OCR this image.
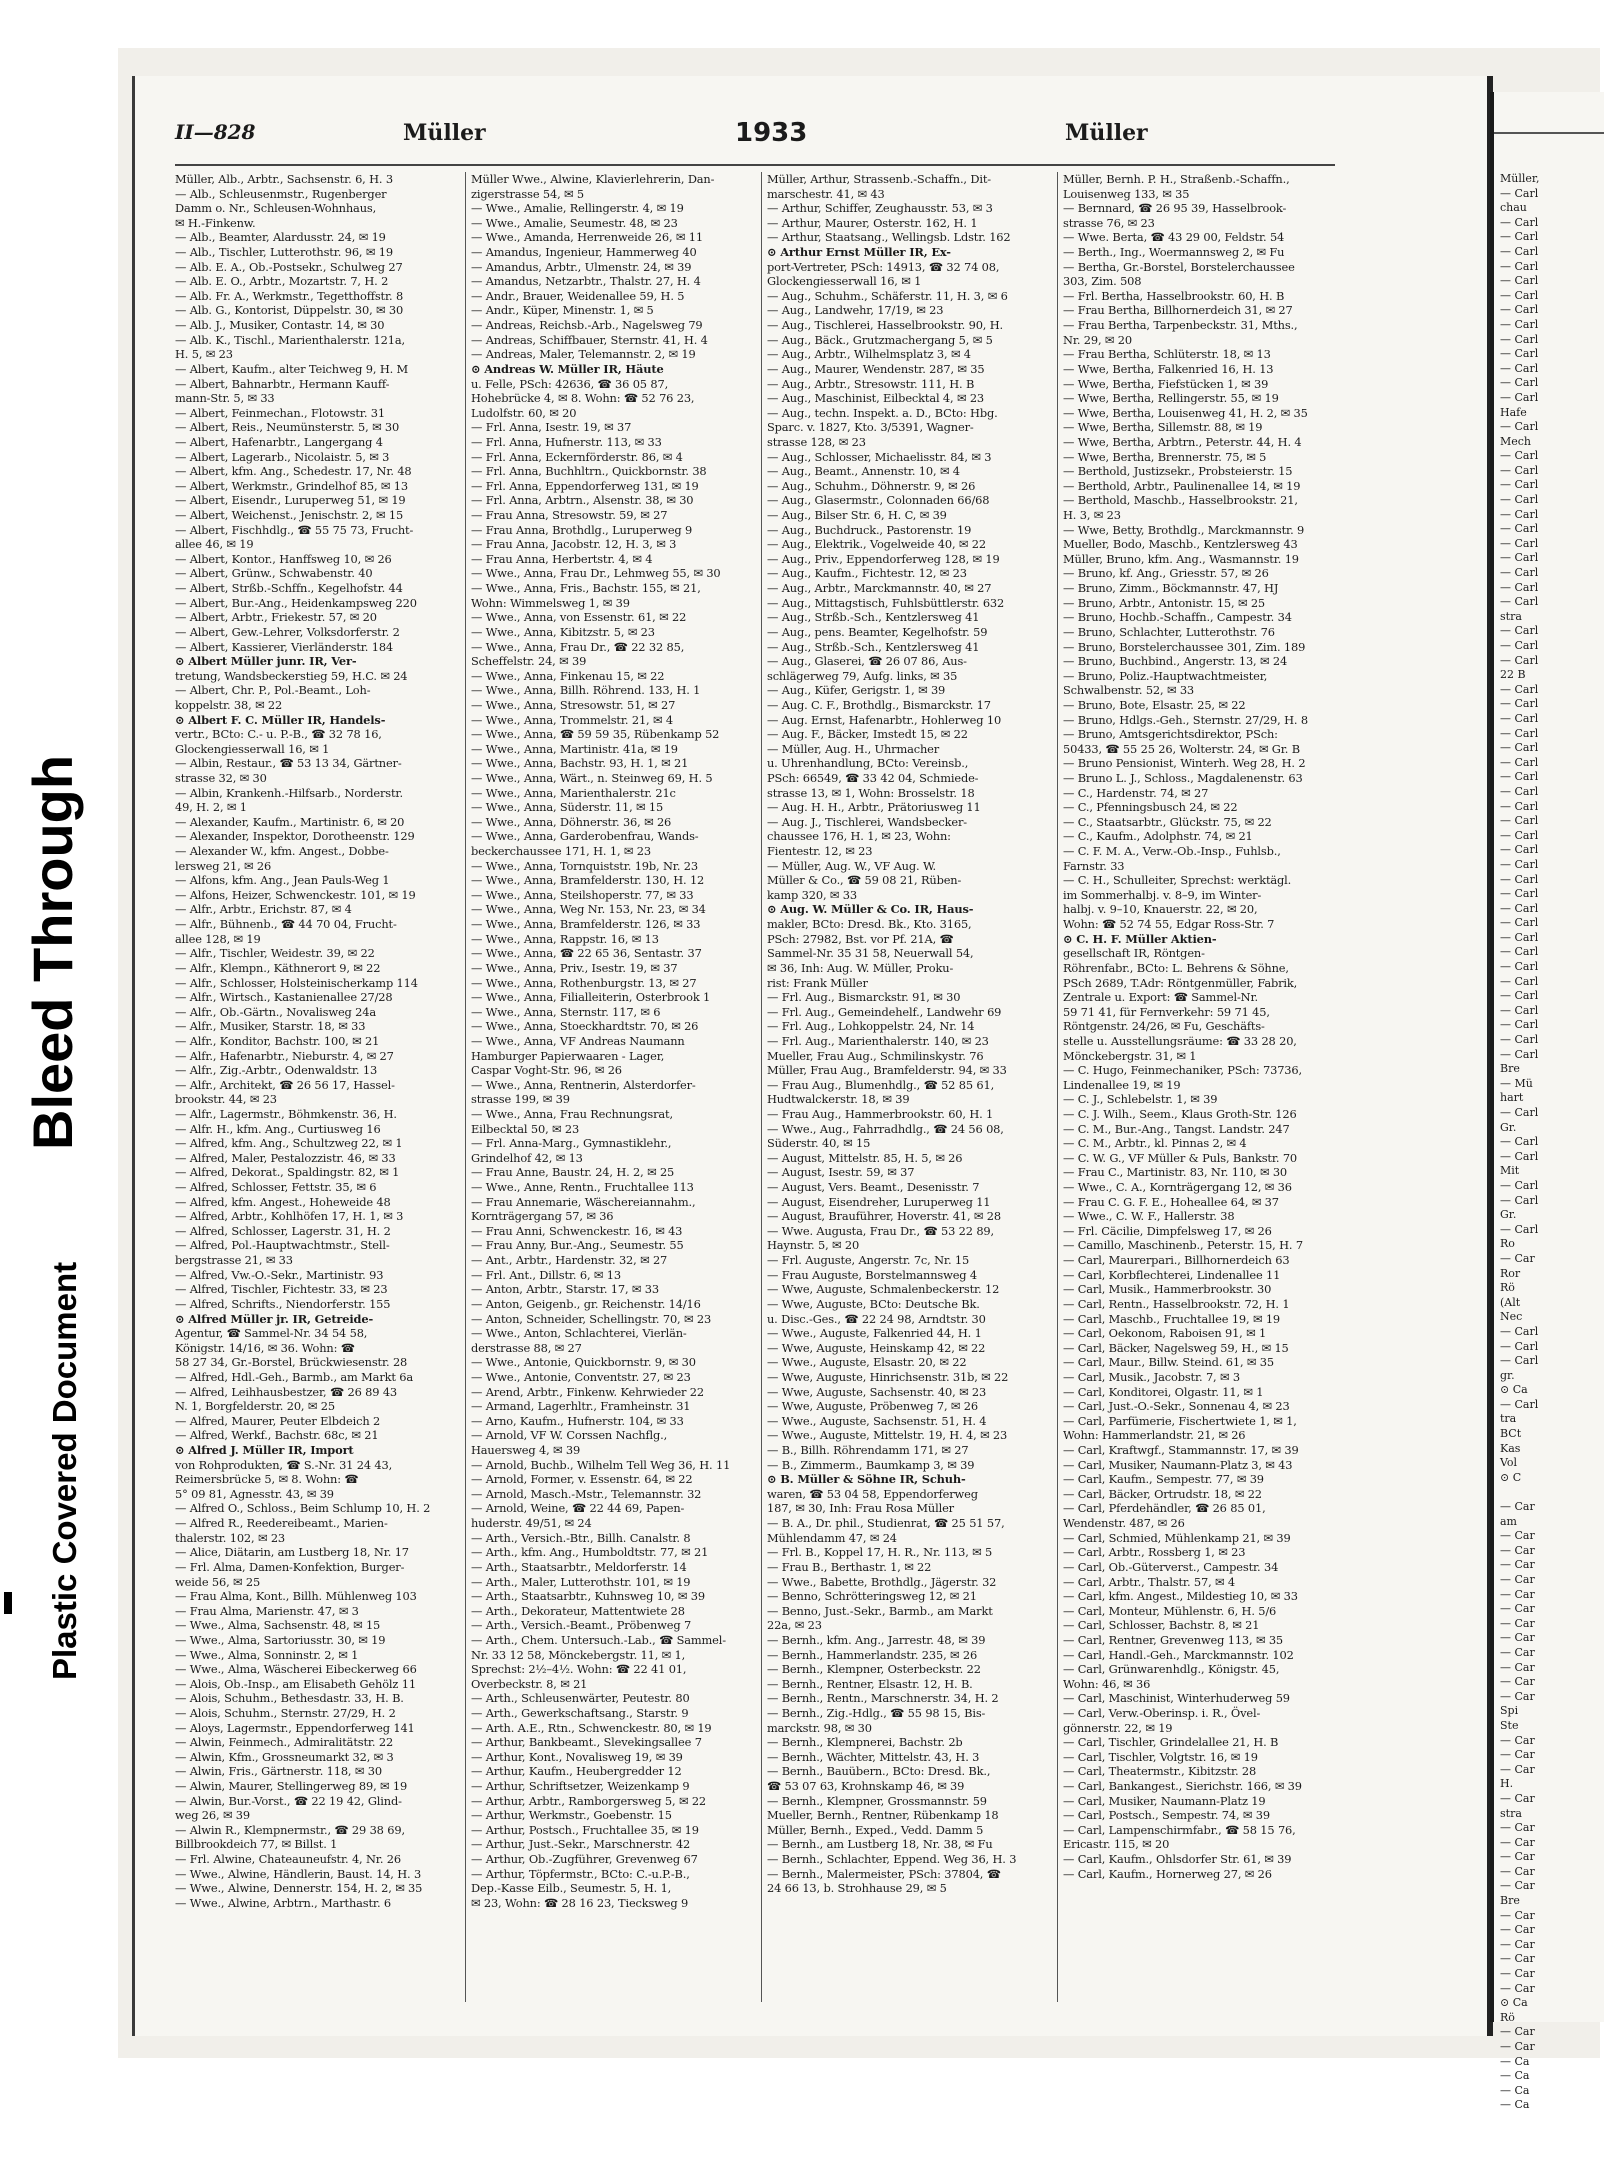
Bleed Through
Plastic Covered Document
II—828	Müller	1933	Müller
Müller, Alb., Arbtr., Sachsenstr. 6, H. 3
— Alb., Schleusenmstr., Rugenberger
Damm o. Nr., Schleusen-Wohnhaus,
✉ H.-Finkenw.
— Alb., Beamter, Alardusstr. 24, ✉ 19
— Alb., Tischler, Lutterothstr. 96, ✉ 19
— Alb. E. A., Ob.-Postsekr., Schulweg 27
— Alb. E. O., Arbtr., Mozartstr. 7, H. 2
— Alb. Fr. A., Werkmstr., Tegetthoffstr. 8
— Alb. G., Kontorist, Düppelstr. 30, ✉ 30
— Alb. J., Musiker, Contastr. 14, ✉ 30
— Alb. K., Tischl., Marienthalerstr. 121a,
H. 5, ✉ 23
— Albert, Kaufm., alter Teichweg 9, H. M
— Albert, Bahnarbtr., Hermann Kauff-
mann-Str. 5, ✉ 33
— Albert, Feinmechan., Flotowstr. 31
— Albert, Reis., Neumünsterstr. 5, ✉ 30
— Albert, Hafenarbtr., Langergang 4
— Albert, Lagerarb., Nicolaistr. 5, ✉ 3
— Albert, kfm. Ang., Schedestr. 17, Nr. 48
— Albert, Werkmstr., Grindelhof 85, ✉ 13
— Albert, Eisendr., Luruperweg 51, ✉ 19
— Albert, Weichenst., Jenischstr. 2, ✉ 15
— Albert, Fischhdlg., ☎ 55 75 73, Frucht-
allee 46, ✉ 19
— Albert, Kontor., Hanffsweg 10, ✉ 26
— Albert, Grünw., Schwabenstr. 40
— Albert, Strßb.-Schffn., Kegelhofstr. 44
— Albert, Bur.-Ang., Heidenkampsweg 220
— Albert, Arbtr., Friekestr. 57, ✉ 20
— Albert, Gew.-Lehrer, Volksdorferstr. 2
— Albert, Kassierer, Vierländerstr. 184
⊙ Albert Müller junr. IR, Ver-
tretung, Wandsbeckerstieg 59, H.C. ✉ 24
— Albert, Chr. P., Pol.-Beamt., Loh-
koppelstr. 38, ✉ 22
⊙ Albert F. C. Müller IR, Handels-
vertr., BCto: C.- u. P.-B., ☎ 32 78 16,
Glockengiesserwall 16, ✉ 1
— Albin, Restaur., ☎ 53 13 34, Gärtner-
strasse 32, ✉ 30
— Albin, Krankenh.-Hilfsarb., Norderstr.
49, H. 2, ✉ 1
— Alexander, Kaufm., Martinistr. 6, ✉ 20
— Alexander, Inspektor, Dorotheenstr. 129
— Alexander W., kfm. Angest., Dobbe-
lersweg 21, ✉ 26
— Alfons, kfm. Ang., Jean Pauls-Weg 1
— Alfons, Heizer, Schwenckestr. 101, ✉ 19
— Alfr., Arbtr., Erichstr. 87, ✉ 4
— Alfr., Bühnenb., ☎ 44 70 04, Frucht-
allee 128, ✉ 19
— Alfr., Tischler, Weidestr. 39, ✉ 22
— Alfr., Klempn., Käthnerort 9, ✉ 22
— Alfr., Schlosser, Holsteinischerkamp 114
— Alfr., Wirtsch., Kastanienallee 27/28
— Alfr., Ob.-Gärtn., Novalisweg 24a
— Alfr., Musiker, Starstr. 18, ✉ 33
— Alfr., Konditor, Bachstr. 100, ✉ 21
— Alfr., Hafenarbtr., Nieburstr. 4, ✉ 27
— Alfr., Zig.-Arbtr., Odenwaldstr. 13
— Alfr., Architekt, ☎ 26 56 17, Hassel-
brookstr. 44, ✉ 23
— Alfr., Lagermstr., Böhmkenstr. 36, H.
— Alfr. H., kfm. Ang., Curtiusweg 16
— Alfred, kfm. Ang., Schultzweg 22, ✉ 1
— Alfred, Maler, Pestalozzistr. 46, ✉ 33
— Alfred, Dekorat., Spaldingstr. 82, ✉ 1
— Alfred, Schlosser, Fettstr. 35, ✉ 6
— Alfred, kfm. Angest., Hoheweide 48
— Alfred, Arbtr., Kohlhöfen 17, H. 1, ✉ 3
— Alfred, Schlosser, Lagerstr. 31, H. 2
— Alfred, Pol.-Hauptwachtmstr., Stell-
bergstrasse 21, ✉ 33
— Alfred, Vw.-O.-Sekr., Martinistr. 93
— Alfred, Tischler, Fichtestr. 33, ✉ 23
— Alfred, Schrifts., Niendorferstr. 155
⊙ Alfred Müller jr. IR, Getreide-
Agentur, ☎ Sammel-Nr. 34 54 58,
Königstr. 14/16, ✉ 36. Wohn: ☎
58 27 34, Gr.-Borstel, Brückwiesenstr. 28
— Alfred, Hdl.-Geh., Barmb., am Markt 6a
— Alfred, Leihhausbestzer, ☎ 26 89 43
N. 1, Borgfelderstr. 20, ✉ 25
— Alfred, Maurer, Peuter Elbdeich 2
— Alfred, Werkf., Bachstr. 68c, ✉ 21
⊙ Alfred J. Müller IR, Import
von Rohprodukten, ☎ S.-Nr. 31 24 43,
Reimersbrücke 5, ✉ 8. Wohn: ☎
5° 09 81, Agnesstr. 43, ✉ 39
— Alfred O., Schloss., Beim Schlump 10, H. 2
— Alfred R., Reedereibeamt., Marien-
thalerstr. 102, ✉ 23
— Alice, Diätarin, am Lustberg 18, Nr. 17
— Frl. Alma, Damen-Konfektion, Burger-
weide 56, ✉ 25
— Frau Alma, Kont., Billh. Mühlenweg 103
— Frau Alma, Marienstr. 47, ✉ 3
— Wwe., Alma, Sachsenstr. 48, ✉ 15
— Wwe., Alma, Sartoriusstr. 30, ✉ 19
— Wwe., Alma, Sonninstr. 2, ✉ 1
— Wwe., Alma, Wäscherei Eibeckerweg 66
— Alois, Ob.-Insp., am Elisabeth Gehölz 11
— Alois, Schuhm., Bethesdastr. 33, H. B.
— Alois, Schuhm., Sternstr. 27/29, H. 2
— Aloys, Lagermstr., Eppendorferweg 141
— Alwin, Feinmech., Admiralitätstr. 22
— Alwin, Kfm., Grossneumarkt 32, ✉ 3
— Alwin, Fris., Gärtnerstr. 118, ✉ 30
— Alwin, Maurer, Stellingerweg 89, ✉ 19
— Alwin, Bur.-Vorst., ☎ 22 19 42, Glind-
weg 26, ✉ 39
— Alwin R., Klempnermstr., ☎ 29 38 69,
Billbrookdeich 77, ✉ Billst. 1
— Frl. Alwine, Chateauneufstr. 4, Nr. 26
— Wwe., Alwine, Händlerin, Baust. 14, H. 3
— Wwe., Alwine, Dennerstr. 154, H. 2, ✉ 35
— Wwe., Alwine, Arbtrn., Marthastr. 6
Müller Wwe., Alwine, Klavierlehrerin, Dan-
zigerstrasse 54, ✉ 5
— Wwe., Amalie, Rellingerstr. 4, ✉ 19
— Wwe., Amalie, Seumestr. 48, ✉ 23
— Wwe., Amanda, Herrenweide 26, ✉ 11
— Amandus, Ingenieur, Hammerweg 40
— Amandus, Arbtr., Ulmenstr. 24, ✉ 39
— Amandus, Netzarbtr., Thalstr. 27, H. 4
— Andr., Brauer, Weidenallee 59, H. 5
— Andr., Küper, Minenstr. 1, ✉ 5
— Andreas, Reichsb.-Arb., Nagelsweg 79
— Andreas, Schiffbauer, Sternstr. 41, H. 4
— Andreas, Maler, Telemannstr. 2, ✉ 19
⊙ Andreas W. Müller IR, Häute
u. Felle, PSch: 42636, ☎ 36 05 87,
Hohebrücke 4, ✉ 8. Wohn: ☎ 52 76 23,
Ludolfstr. 60, ✉ 20
— Frl. Anna, Isestr. 19, ✉ 37
— Frl. Anna, Hufnerstr. 113, ✉ 33
— Frl. Anna, Eckernförderstr. 86, ✉ 4
— Frl. Anna, Buchhltrn., Quickbornstr. 38
— Frl. Anna, Eppendorferweg 131, ✉ 19
— Frl. Anna, Arbtrn., Alsenstr. 38, ✉ 30
— Frau Anna, Stresowstr. 59, ✉ 27
— Frau Anna, Brothdlg., Luruperweg 9
— Frau Anna, Jacobstr. 12, H. 3, ✉ 3
— Frau Anna, Herbertstr. 4, ✉ 4
— Wwe., Anna, Frau Dr., Lehmweg 55, ✉ 30
— Wwe., Anna, Fris., Bachstr. 155, ✉ 21,
Wohn: Wimmelsweg 1, ✉ 39
— Wwe., Anna, von Essenstr. 61, ✉ 22
— Wwe., Anna, Kibitzstr. 5, ✉ 23
— Wwe., Anna, Frau Dr., ☎ 22 32 85,
Scheffelstr. 24, ✉ 39
— Wwe., Anna, Finkenau 15, ✉ 22
— Wwe., Anna, Billh. Röhrend. 133, H. 1
— Wwe., Anna, Stresowstr. 51, ✉ 27
— Wwe., Anna, Trommelstr. 21, ✉ 4
— Wwe., Anna, ☎ 59 59 35, Rübenkamp 52
— Wwe., Anna, Martinistr. 41a, ✉ 19
— Wwe., Anna, Bachstr. 93, H. 1, ✉ 21
— Wwe., Anna, Wärt., n. Steinweg 69, H. 5
— Wwe., Anna, Marienthalerstr. 21c
— Wwe., Anna, Süderstr. 11, ✉ 15
— Wwe., Anna, Döhnerstr. 36, ✉ 26
— Wwe., Anna, Garderobenfrau, Wands-
beckerchaussee 171, H. 1, ✉ 23
— Wwe., Anna, Tornquiststr. 19b, Nr. 23
— Wwe., Anna, Bramfelderstr. 130, H. 12
— Wwe., Anna, Steilshoperstr. 77, ✉ 33
— Wwe., Anna, Weg Nr. 153, Nr. 23, ✉ 34
— Wwe., Anna, Bramfelderstr. 126, ✉ 33
— Wwe., Anna, Rappstr. 16, ✉ 13
— Wwe., Anna, ☎ 22 65 36, Sentastr. 37
— Wwe., Anna, Priv., Isestr. 19, ✉ 37
— Wwe., Anna, Rothenburgstr. 13, ✉ 27
— Wwe., Anna, Filialleiterin, Osterbrook 1
— Wwe., Anna, Sternstr. 117, ✉ 6
— Wwe., Anna, Stoeckhardtstr. 70, ✉ 26
— Wwe., Anna, VF Andreas Naumann
Hamburger Papierwaaren - Lager,
Caspar Voght-Str. 96, ✉ 26
— Wwe., Anna, Rentnerin, Alsterdorfer-
strasse 199, ✉ 39
— Wwe., Anna, Frau Rechnungsrat,
Eilbecktal 50, ✉ 23
— Frl. Anna-Marg., Gymnastiklehr.,
Grindelhof 42, ✉ 13
— Frau Anne, Baustr. 24, H. 2, ✉ 25
— Wwe., Anne, Rentn., Fruchtallee 113
— Frau Annemarie, Wäschereiannahm.,
Kornträgergang 57, ✉ 36
— Frau Anni, Schwenckestr. 16, ✉ 43
— Frau Anny, Bur.-Ang., Seumestr. 55
— Ant., Arbtr., Hardenstr. 32, ✉ 27
— Frl. Ant., Dillstr. 6, ✉ 13
— Anton, Arbtr., Starstr. 17, ✉ 33
— Anton, Geigenb., gr. Reichenstr. 14/16
— Anton, Schneider, Schellingstr. 70, ✉ 23
— Wwe., Anton, Schlachterei, Vierlän-
derstrasse 88, ✉ 27
— Wwe., Antonie, Quickbornstr. 9, ✉ 30
— Wwe., Antonie, Conventstr. 27, ✉ 23
— Arend, Arbtr., Finkenw. Kehrwieder 22
— Armand, Lagerhltr., Framheinstr. 31
— Arno, Kaufm., Hufnerstr. 104, ✉ 33
— Arnold, VF W. Corssen Nachflg.,
Hauersweg 4, ✉ 39
— Arnold, Buchb., Wilhelm Tell Weg 36, H. 11
— Arnold, Former, v. Essenstr. 64, ✉ 22
— Arnold, Masch.-Mstr., Telemannstr. 32
— Arnold, Weine, ☎ 22 44 69, Papen-
huderstr. 49/51, ✉ 24
— Arth., Versich.-Btr., Billh. Canalstr. 8
— Arth., kfm. Ang., Humboldtstr. 77, ✉ 21
— Arth., Staatsarbtr., Meldorferstr. 14
— Arth., Maler, Lutterothstr. 101, ✉ 19
— Arth., Staatsarbtr., Kuhnsweg 10, ✉ 39
— Arth., Dekorateur, Mattentwiete 28
— Arth., Versich.-Beamt., Pröbenweg 7
— Arth., Chem. Untersuch.-Lab., ☎ Sammel-
Nr. 33 12 58, Mönckebergstr. 11, ✉ 1,
Sprechst: 2½–4½. Wohn: ☎ 22 41 01,
Overbeckstr. 8, ✉ 21
— Arth., Schleusenwärter, Peutestr. 80
— Arth., Gewerkschaftsang., Starstr. 9
— Arth. A.E., Rtn., Schwenckestr. 80, ✉ 19
— Arthur, Bankbeamt., Slevekingsallee 7
— Arthur, Kont., Novalisweg 19, ✉ 39
— Arthur, Kaufm., Heubergredder 12
— Arthur, Schriftsetzer, Weizenkamp 9
— Arthur, Arbtr., Ramborgersweg 5, ✉ 22
— Arthur, Werkmstr., Goebenstr. 15
— Arthur, Postsch., Fruchtallee 35, ✉ 19
— Arthur, Just.-Sekr., Marschnerstr. 42
— Arthur, Ob.-Zugführer, Grevenweg 67
— Arthur, Töpfermstr., BCto: C.-u.P.-B.,
Dep.-Kasse Eilb., Seumestr. 5, H. 1,
✉ 23, Wohn: ☎ 28 16 23, Tiecksweg 9
Müller, Arthur, Strassenb.-Schaffn., Dit-
marschestr. 41, ✉ 43
— Arthur, Schiffer, Zeughausstr. 53, ✉ 3
— Arthur, Maurer, Osterstr. 162, H. 1
— Arthur, Staatsang., Wellingsb. Ldstr. 162
⊙ Arthur Ernst Müller IR, Ex-
port-Vertreter, PSch: 14913, ☎ 32 74 08,
Glockengiesserwall 16, ✉ 1
— Aug., Schuhm., Schäferstr. 11, H. 3, ✉ 6
— Aug., Landwehr, 17/19, ✉ 23
— Aug., Tischlerei, Hasselbrookstr. 90, H.
— Aug., Bäck., Grutzmachergang 5, ✉ 5
— Aug., Arbtr., Wilhelmsplatz 3, ✉ 4
— Aug., Maurer, Wendenstr. 287, ✉ 35
— Aug., Arbtr., Stresowstr. 111, H. B
— Aug., Maschinist, Eilbecktal 4, ✉ 23
— Aug., techn. Inspekt. a. D., BCto: Hbg.
Sparc. v. 1827, Kto. 3/5391, Wagner-
strasse 128, ✉ 23
— Aug., Schlosser, Michaelisstr. 84, ✉ 3
— Aug., Beamt., Annenstr. 10, ✉ 4
— Aug., Schuhm., Döhnerstr. 9, ✉ 26
— Aug., Glasermstr., Colonnaden 66/68
— Aug., Bilser Str. 6, H. C, ✉ 39
— Aug., Buchdruck., Pastorenstr. 19
— Aug., Elektrik., Vogelweide 40, ✉ 22
— Aug., Priv., Eppendorferweg 128, ✉ 19
— Aug., Kaufm., Fichtestr. 12, ✉ 23
— Aug., Arbtr., Marckmannstr. 40, ✉ 27
— Aug., Mittagstisch, Fuhlsbüttlerstr. 632
— Aug., Strßb.-Sch., Kentzlersweg 41
— Aug., pens. Beamter, Kegelhofstr. 59
— Aug., Strßb.-Sch., Kentzlersweg 41
— Aug., Glaserei, ☎ 26 07 86, Aus-
schlägerweg 79, Aufg. links, ✉ 35
— Aug., Küfer, Gerigstr. 1, ✉ 39
— Aug. C. F., Brothdlg., Bismarckstr. 17
— Aug. Ernst, Hafenarbtr., Hohlerweg 10
— Aug. F., Bäcker, Imstedt 15, ✉ 22
— Müller, Aug. H., Uhrmacher
u. Uhrenhandlung, BCto: Vereinsb.,
PSch: 66549, ☎ 33 42 04, Schmiede-
strasse 13, ✉ 1, Wohn: Brosselstr. 18
— Aug. H. H., Arbtr., Prätoriusweg 11
— Aug. J., Tischlerei, Wandsbecker-
chaussee 176, H. 1, ✉ 23, Wohn:
Fientestr. 12, ✉ 23
— Müller, Aug. W., VF Aug. W.
Müller & Co., ☎ 59 08 21, Rüben-
kamp 320, ✉ 33
⊙ Aug. W. Müller & Co. IR, Haus-
makler, BCto: Dresd. Bk., Kto. 3165,
PSch: 27982, Bst. vor Pf. 21A, ☎
Sammel-Nr. 35 31 58, Neuerwall 54,
✉ 36, Inh: Aug. W. Müller, Proku-
rist: Frank Müller
— Frl. Aug., Bismarckstr. 91, ✉ 30
— Frl. Aug., Gemeindehelf., Landwehr 69
— Frl. Aug., Lohkoppelstr. 24, Nr. 14
— Frl. Aug., Marienthalerstr. 140, ✉ 23
Mueller, Frau Aug., Schmilinskystr. 76
Müller, Frau Aug., Bramfelderstr. 94, ✉ 33
— Frau Aug., Blumenhdlg., ☎ 52 85 61,
Hudtwalckerstr. 18, ✉ 39
— Frau Aug., Hammerbrookstr. 60, H. 1
— Wwe., Aug., Fahrradhdlg., ☎ 24 56 08,
Süderstr. 40, ✉ 15
— August, Mittelstr. 85, H. 5, ✉ 26
— August, Isestr. 59, ✉ 37
— August, Vers. Beamt., Desenisstr. 7
— August, Eisendreher, Luruperweg 11
— August, Brauführer, Hoverstr. 41, ✉ 28
— Wwe. Augusta, Frau Dr., ☎ 53 22 89,
Haynstr. 5, ✉ 20
— Frl. Auguste, Angerstr. 7c, Nr. 15
— Frau Auguste, Borstelmannsweg 4
— Wwe, Auguste, Schmalenbeckerstr. 12
— Wwe, Auguste, BCto: Deutsche Bk.
u. Disc.-Ges., ☎ 22 24 98, Arndtstr. 30
— Wwe., Auguste, Falkenried 44, H. 1
— Wwe, Auguste, Heinskamp 42, ✉ 22
— Wwe., Auguste, Elsastr. 20, ✉ 22
— Wwe, Auguste, Hinrichsenstr. 31b, ✉ 22
— Wwe, Auguste, Sachsenstr. 40, ✉ 23
— Wwe, Auguste, Pröbenweg 7, ✉ 26
— Wwe., Auguste, Sachsenstr. 51, H. 4
— Wwe., Auguste, Mittelstr. 19, H. 4, ✉ 23
— B., Billh. Röhrendamm 171, ✉ 27
— B., Zimmerm., Baumkamp 3, ✉ 39
⊙ B. Müller & Söhne IR, Schuh-
waren, ☎ 53 04 58, Eppendorferweg
187, ✉ 30, Inh: Frau Rosa Müller
— B. A., Dr. phil., Studienrat, ☎ 25 51 57,
Mühlendamm 47, ✉ 24
— Frl. B., Koppel 17, H. R., Nr. 113, ✉ 5
— Frau B., Berthastr. 1, ✉ 22
— Wwe., Babette, Brothdlg., Jägerstr. 32
— Benno, Schrötteringsweg 12, ✉ 21
— Benno, Just.-Sekr., Barmb., am Markt
22a, ✉ 23
— Bernh., kfm. Ang., Jarrestr. 48, ✉ 39
— Bernh., Hammerlandstr. 235, ✉ 26
— Bernh., Klempner, Osterbeckstr. 22
— Bernh., Rentner, Elsastr. 12, H. B.
— Bernh., Rentn., Marschnerstr. 34, H. 2
— Bernh., Zig.-Hdlg., ☎ 55 98 15, Bis-
marckstr. 98, ✉ 30
— Bernh., Klempnerei, Bachstr. 2b
— Bernh., Wächter, Mittelstr. 43, H. 3
— Bernh., Bauübern., BCto: Dresd. Bk.,
☎ 53 07 63, Krohnskamp 46, ✉ 39
— Bernh., Klempner, Grossmannstr. 59
Mueller, Bernh., Rentner, Rübenkamp 18
Müller, Bernh., Exped., Vedd. Damm 5
— Bernh., am Lustberg 18, Nr. 38, ✉ Fu
— Bernh., Schlachter, Eppend. Weg 36, H. 3
— Bernh., Malermeister, PSch: 37804, ☎
24 66 13, b. Strohhause 29, ✉ 5
Müller, Bernh. P. H., Straßenb.-Schaffn.,
Louisenweg 133, ✉ 35
— Bernnard, ☎ 26 95 39, Hasselbrook-
strasse 76, ✉ 23
— Wwe. Berta, ☎ 43 29 00, Feldstr. 54
— Berth., Ing., Woermannsweg 2, ✉ Fu
— Bertha, Gr.-Borstel, Borstelerchaussee
303, Zim. 508
— Frl. Bertha, Hasselbrookstr. 60, H. B
— Frau Bertha, Billhornerdeich 31, ✉ 27
— Frau Bertha, Tarpenbeckstr. 31, Mths.,
Nr. 29, ✉ 20
— Frau Bertha, Schlüterstr. 18, ✉ 13
— Wwe, Bertha, Falkenried 16, H. 13
— Wwe, Bertha, Fiefstücken 1, ✉ 39
— Wwe, Bertha, Rellingerstr. 55, ✉ 19
— Wwe, Bertha, Louisenweg 41, H. 2, ✉ 35
— Wwe, Bertha, Sillemstr. 88, ✉ 19
— Wwe, Bertha, Arbtrn., Peterstr. 44, H. 4
— Wwe, Bertha, Brennerstr. 75, ✉ 5
— Berthold, Justizsekr., Probsteierstr. 15
— Berthold, Arbtr., Paulinenallee 14, ✉ 19
— Berthold, Maschb., Hasselbrookstr. 21,
H. 3, ✉ 23
— Wwe, Betty, Brothdlg., Marckmannstr. 9
Mueller, Bodo, Maschb., Kentzlersweg 43
Müller, Bruno, kfm. Ang., Wasmannstr. 19
— Bruno, kf. Ang., Griesstr. 57, ✉ 26
— Bruno, Zimm., Böckmannstr. 47, HJ
— Bruno, Arbtr., Antonistr. 15, ✉ 25
— Bruno, Hochb.-Schaffn., Campestr. 34
— Bruno, Schlachter, Lutterothstr. 76
— Bruno, Borstelerchaussee 301, Zim. 189
— Bruno, Buchbind., Angerstr. 13, ✉ 24
— Bruno, Poliz.-Hauptwachtmeister,
Schwalbenstr. 52, ✉ 33
— Bruno, Bote, Elsastr. 25, ✉ 22
— Bruno, Hdlgs.-Geh., Sternstr. 27/29, H. 8
— Bruno, Amtsgerichtsdirektor, PSch:
50433, ☎ 55 25 26, Wolterstr. 24, ✉ Gr. B
— Bruno Pensionist, Winterh. Weg 28, H. 2
— Bruno L. J., Schloss., Magdalenenstr. 63
— C., Hardenstr. 74, ✉ 27
— C., Pfenningsbusch 24, ✉ 22
— C., Staatsarbtr., Glückstr. 75, ✉ 22
— C., Kaufm., Adolphstr. 74, ✉ 21
— C. F. M. A., Verw.-Ob.-Insp., Fuhlsb.,
Farnstr. 33
— C. H., Schulleiter, Sprechst: werktägl.
im Sommerhalbj. v. 8–9, im Winter-
halbj. v. 9–10, Knauerstr. 22, ✉ 20,
Wohn: ☎ 52 74 55, Edgar Ross-Str. 7
⊙ C. H. F. Müller Aktien-
gesellschaft IR, Röntgen-
Röhrenfabr., BCto: L. Behrens & Söhne,
PSch 2689, T.Adr: Röntgenmüller, Fabrik,
Zentrale u. Export: ☎ Sammel-Nr.
59 71 41, für Fernverkehr: 59 71 45,
Röntgenstr. 24/26, ✉ Fu, Geschäfts-
stelle u. Ausstellungsräume: ☎ 33 28 20,
Mönckebergstr. 31, ✉ 1
— C. Hugo, Feinmechaniker, PSch: 73736,
Lindenallee 19, ✉ 19
— C. J., Schlebelstr. 1, ✉ 39
— C. J. Wilh., Seem., Klaus Groth-Str. 126
— C. M., Bur.-Ang., Tangst. Landstr. 247
— C. M., Arbtr., kl. Pinnas 2, ✉ 4
— C. W. G., VF Müller & Puls, Bankstr. 70
— Frau C., Martinistr. 83, Nr. 110, ✉ 30
— Wwe., C. A., Kornträgergang 12, ✉ 36
— Frau C. G. F. E., Hoheallee 64, ✉ 37
— Wwe., C. W. F., Hallerstr. 38
— Frl. Cäcilie, Dimpfelsweg 17, ✉ 26
— Camillo, Maschinenb., Peterstr. 15, H. 7
— Carl, Maurerpari., Billhornerdeich 63
— Carl, Korbflechterei, Lindenallee 11
— Carl, Musik., Hammerbrookstr. 30
— Carl, Rentn., Hasselbrookstr. 72, H. 1
— Carl, Maschb., Fruchtallee 19, ✉ 19
— Carl, Oekonom, Raboisen 91, ✉ 1
— Carl, Bäcker, Nagelsweg 59, H., ✉ 15
— Carl, Maur., Billw. Steind. 61, ✉ 35
— Carl, Musik., Jacobstr. 7, ✉ 3
— Carl, Konditorei, Olgastr. 11, ✉ 1
— Carl, Just.-O.-Sekr., Sonnenau 4, ✉ 23
— Carl, Parfümerie, Fischertwiete 1, ✉ 1,
Wohn: Hammerlandstr. 21, ✉ 26
— Carl, Kraftwgf., Stammannstr. 17, ✉ 39
— Carl, Musiker, Naumann-Platz 3, ✉ 43
— Carl, Kaufm., Sempestr. 77, ✉ 39
— Carl, Bäcker, Ortrudstr. 18, ✉ 22
— Carl, Pferdehändler, ☎ 26 85 01,
Wendenstr. 487, ✉ 26
— Carl, Schmied, Mühlenkamp 21, ✉ 39
— Carl, Arbtr., Rossberg 1, ✉ 23
— Carl, Ob.-Güterverst., Campestr. 34
— Carl, Arbtr., Thalstr. 57, ✉ 4
— Carl, kfm. Angest., Mildestieg 10, ✉ 33
— Carl, Monteur, Mühlenstr. 6, H. 5/6
— Carl, Schlosser, Bachstr. 8, ✉ 21
— Carl, Rentner, Grevenweg 113, ✉ 35
— Carl, Handl.-Geh., Marckmannstr. 102
— Carl, Grünwarenhdlg., Königstr. 45,
Wohn: 46, ✉ 36
— Carl, Maschinist, Winterhuderweg 59
— Carl, Verw.-Oberinsp. i. R., Övel-
gönnerstr. 22, ✉ 19
— Carl, Tischler, Grindelallee 21, H. B
— Carl, Tischler, Volgtstr. 16, ✉ 19
— Carl, Theatermstr., Kibitzstr. 28
— Carl, Bankangest., Sierichstr. 166, ✉ 39
— Carl, Musiker, Naumann-Platz 19
— Carl, Postsch., Sempestr. 74, ✉ 39
— Carl, Lampenschirmfabr., ☎ 58 15 76,
Ericastr. 115, ✉ 20
— Carl, Kaufm., Ohlsdorfer Str. 61, ✉ 39
— Carl, Kaufm., Hornerweg 27, ✉ 26
Müller,
— Carl
chau
— Carl
— Carl
— Carl
— Carl
— Carl
— Carl
— Carl
— Carl
— Carl
— Carl
— Carl
— Carl
— Carl
Hafe
— Carl
Mech
— Carl
— Carl
— Carl
— Carl
— Carl
— Carl
— Carl
— Carl
— Carl
— Carl
— Carl
stra
— Carl
— Carl
— Carl
22 B
— Carl
— Carl
— Carl
— Carl
— Carl
— Carl
— Carl
— Carl
— Carl
— Carl
— Carl
— Carl
— Carl
— Carl
— Carl
— Carl
— Carl
— Carl
— Carl
— Carl
— Carl
— Carl
— Carl
— Carl
— Carl
— Carl
Bre
— Mü
hart
— Carl
Gr.
— Carl
— Carl
Mit
— Carl
— Carl
Gr.
— Carl
Ro
— Car
Ror
Rö
(Alt
Nec
— Carl
— Carl
— Carl
gr.
⊙ Ca
— Carl
tra
BCt
Kas
Vol
⊙ C
— Car
am
— Car
— Car
— Car
— Car
— Car
— Car
— Car
— Car
— Car
— Car
— Car
— Car
Spi
Ste
— Car
— Car
— Car
H.
— Car
stra
— Car
— Car
— Car
— Car
— Car
Bre
— Car
— Car
— Car
— Car
— Car
— Car
⊙ Ca
Rö
— Car
— Car
— Ca
— Ca
— Ca
— Ca
